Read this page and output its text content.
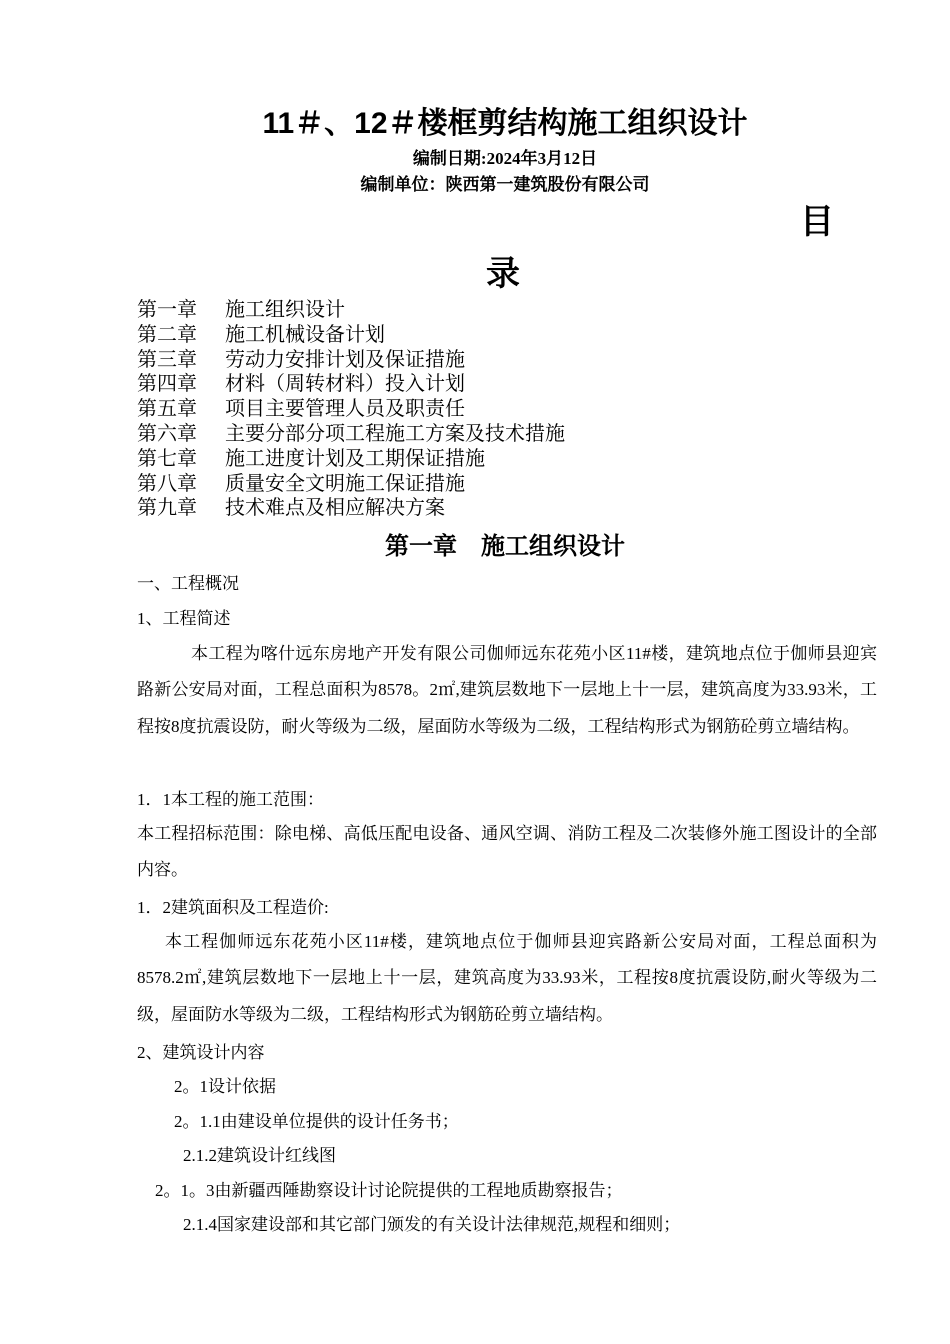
11＃、12＃楼框剪结构施工组织设计
编制日期:2024年3月12日
编制单位：陕西第一建筑股份有限公司
目
录
第一章 施工组织设计
第二章 施工机械设备计划
第三章 劳动力安排计划及保证措施
第四章 材料（周转材料）投入计划
第五章 项目主要管理人员及职责任
第六章 主要分部分项工程施工方案及技术措施
第七章 施工进度计划及工期保证措施
第八章 质量安全文明施工保证措施
第九章 技术难点及相应解决方案
第一章　施工组织设计
一、工程概况
1、工程简述
本工程为喀什远东房地产开发有限公司伽师远东花苑小区11#楼，建筑地点位于伽师县迎宾路新公安局对面，工程总面积为8578。2㎡,建筑层数地下一层地上十一层，建筑高度为33.93米，工程按8度抗震设防，耐火等级为二级，屋面防水等级为二级，工程结构形式为钢筋砼剪立墙结构。
1．1本工程的施工范围：
本工程招标范围：除电梯、高低压配电设备、通风空调、消防工程及二次装修外施工图设计的全部内容。
1．2建筑面积及工程造价:
本工程伽师远东花苑小区11#楼，建筑地点位于伽师县迎宾路新公安局对面，工程总面积为8578.2㎡,建筑层数地下一层地上十一层，建筑高度为33.93米，工程按8度抗震设防,耐火等级为二级，屋面防水等级为二级，工程结构形式为钢筋砼剪立墙结构。
2、建筑设计内容
2。1设计依据
2。1.1由建设单位提供的设计任务书；
2.1.2建筑设计红线图
2。1。3由新疆西陲勘察设计讨论院提供的工程地质勘察报告；
2.1.4国家建设部和其它部门颁发的有关设计法律规范,规程和细则；
